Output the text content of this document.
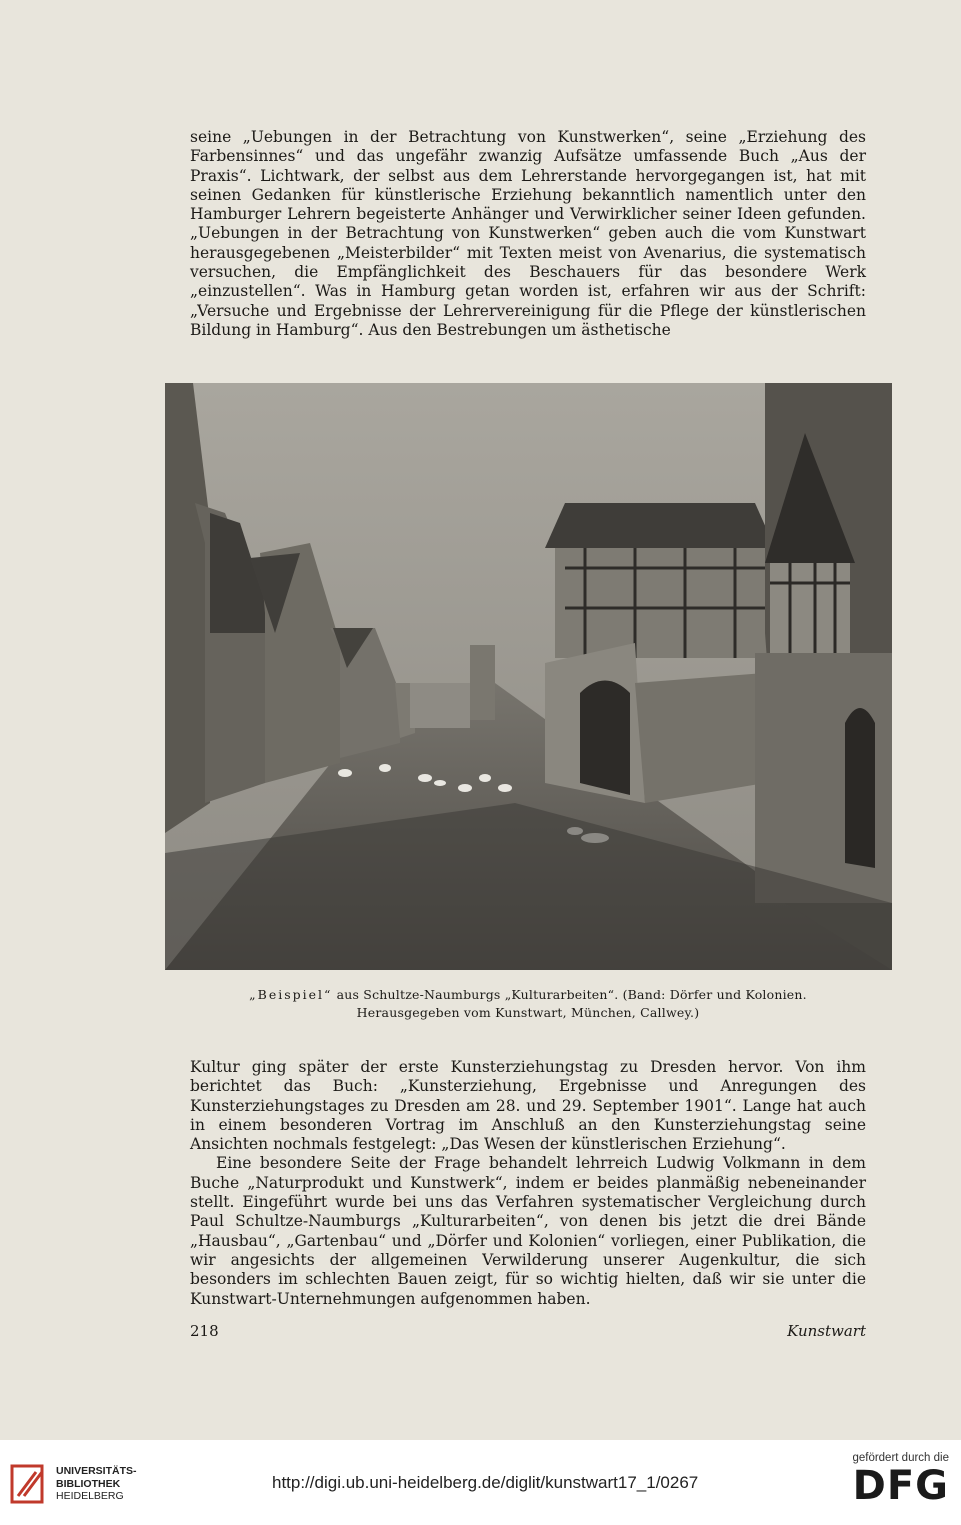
seine „Uebungen in der Betrachtung von Kunstwerken“, seine „Erziehung des Farbensinnes“ und das ungefähr zwanzig Aufsätze umfassende Buch „Aus der Praxis“. Lichtwark, der selbst aus dem Lehrerstande hervorgegangen ist, hat mit seinen Gedanken für künstlerische Erziehung bekanntlich namentlich unter den Hamburger Lehrern begeisterte Anhänger und Verwirklicher seiner Ideen gefunden. „Uebungen in der Betrachtung von Kunstwerken“ geben auch die vom Kunstwart herausgegebenen „Meisterbilder“ mit Texten meist von Avenarius, die systematisch versuchen, die Empfänglichkeit des Beschauers für das besondere Werk „einzustellen“. Was in Hamburg getan worden ist, erfahren wir aus der Schrift: „Versuche und Ergebnisse der Lehrervereinigung für die Pflege der künstlerischen Bildung in Hamburg“. Aus den Bestrebungen um ästhetische

„Beispiel“ aus Schultze-Naumburgs „Kulturarbeiten“. (Band: Dörfer und Kolonien.
Herausgegeben vom Kunstwart, München, Callwey.)

Kultur ging später der erste Kunsterziehungstag zu Dresden hervor. Von ihm berichtet das Buch: „Kunsterziehung, Ergebnisse und Anregungen des Kunsterziehungstages zu Dresden am 28. und 29. September 1901“. Lange hat auch in einem besonderen Vortrag im Anschluß an den Kunsterziehungstag seine Ansichten nochmals festgelegt: „Das Wesen der künstlerischen Erziehung“.

Eine besondere Seite der Frage behandelt lehrreich Ludwig Volkmann in dem Buche „Naturprodukt und Kunstwerk“, indem er beides planmäßig nebeneinander stellt. Eingeführt wurde bei uns das Verfahren systematischer Vergleichung durch Paul Schultze-Naumburgs „Kulturarbeiten“, von denen bis jetzt die drei Bände „Hausbau“, „Gartenbau“ und „Dörfer und Kolonien“ vorliegen, einer Publikation, die wir angesichts der allgemeinen Verwilderung unserer Augenkultur, die sich besonders im schlechten Bauen zeigt, für so wichtig hielten, daß wir sie unter die Kunstwart-Unternehmungen aufgenommen haben.

218	Kunstwart
UNIVERSITÄTS-
BIBLIOTHEK
HEIDELBERG
http://digi.ub.uni-heidelberg.de/diglit/kunstwart17_1/0267
gefördert durch die
DFG
